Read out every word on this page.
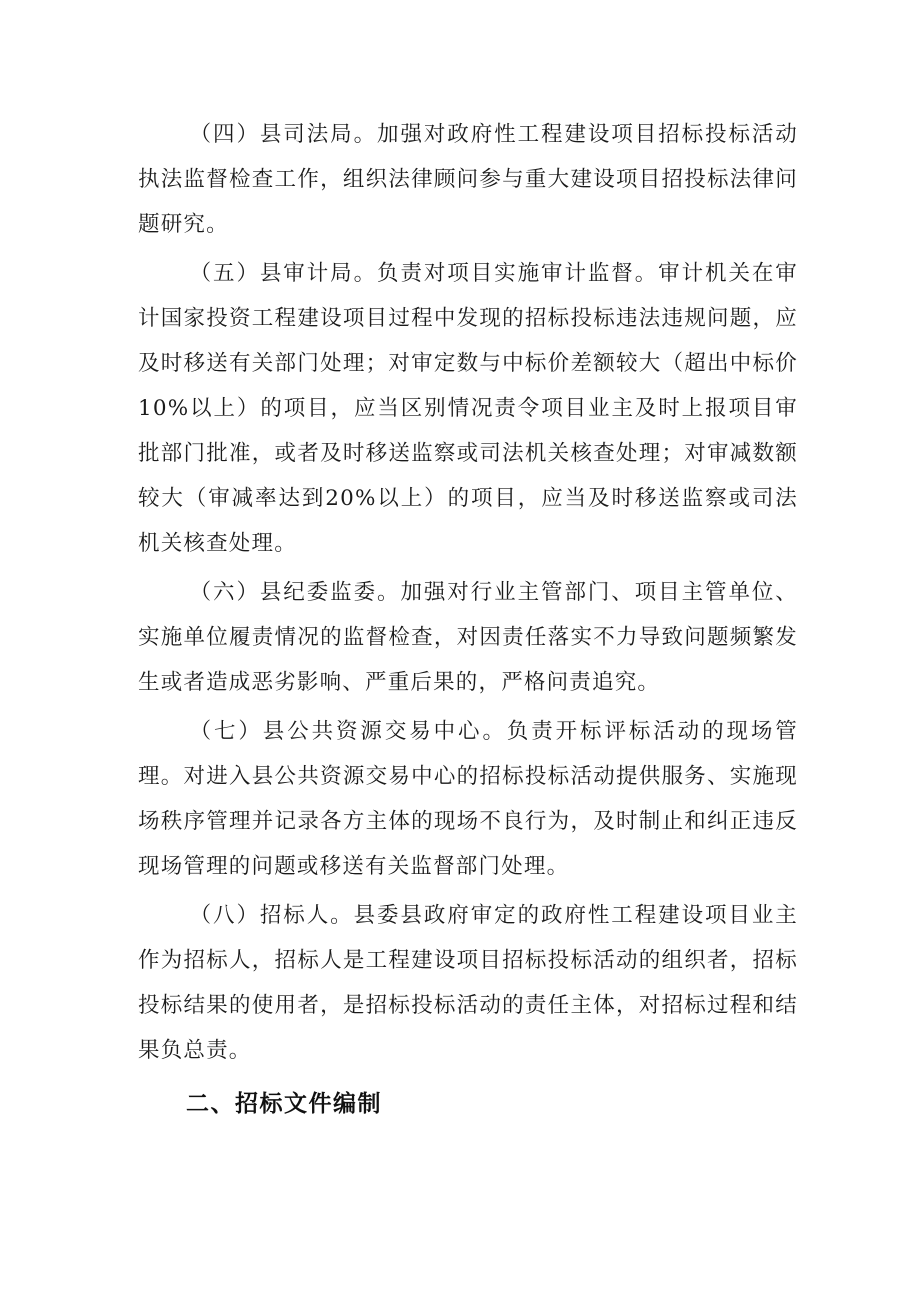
（四）县司法局。加强对政府性工程建设项目招标投标活动执法监督检查工作，组织法律顾问参与重大建设项目招投标法律问题研究。

（五）县审计局。负责对项目实施审计监督。审计机关在审计国家投资工程建设项目过程中发现的招标投标违法违规问题，应及时移送有关部门处理；对审定数与中标价差额较大（超出中标价10%以上）的项目，应当区别情况责令项目业主及时上报项目审批部门批准，或者及时移送监察或司法机关核查处理；对审减数额较大（审减率达到20%以上）的项目，应当及时移送监察或司法机关核查处理。

（六）县纪委监委。加强对行业主管部门、项目主管单位、实施单位履责情况的监督检查，对因责任落实不力导致问题频繁发生或者造成恶劣影响、严重后果的，严格问责追究。

（七）县公共资源交易中心。负责开标评标活动的现场管理。对进入县公共资源交易中心的招标投标活动提供服务、实施现场秩序管理并记录各方主体的现场不良行为，及时制止和纠正违反现场管理的问题或移送有关监督部门处理。

（八）招标人。县委县政府审定的政府性工程建设项目业主作为招标人，招标人是工程建设项目招标投标活动的组织者，招标投标结果的使用者，是招标投标活动的责任主体，对招标过程和结果负总责。

二、招标文件编制
